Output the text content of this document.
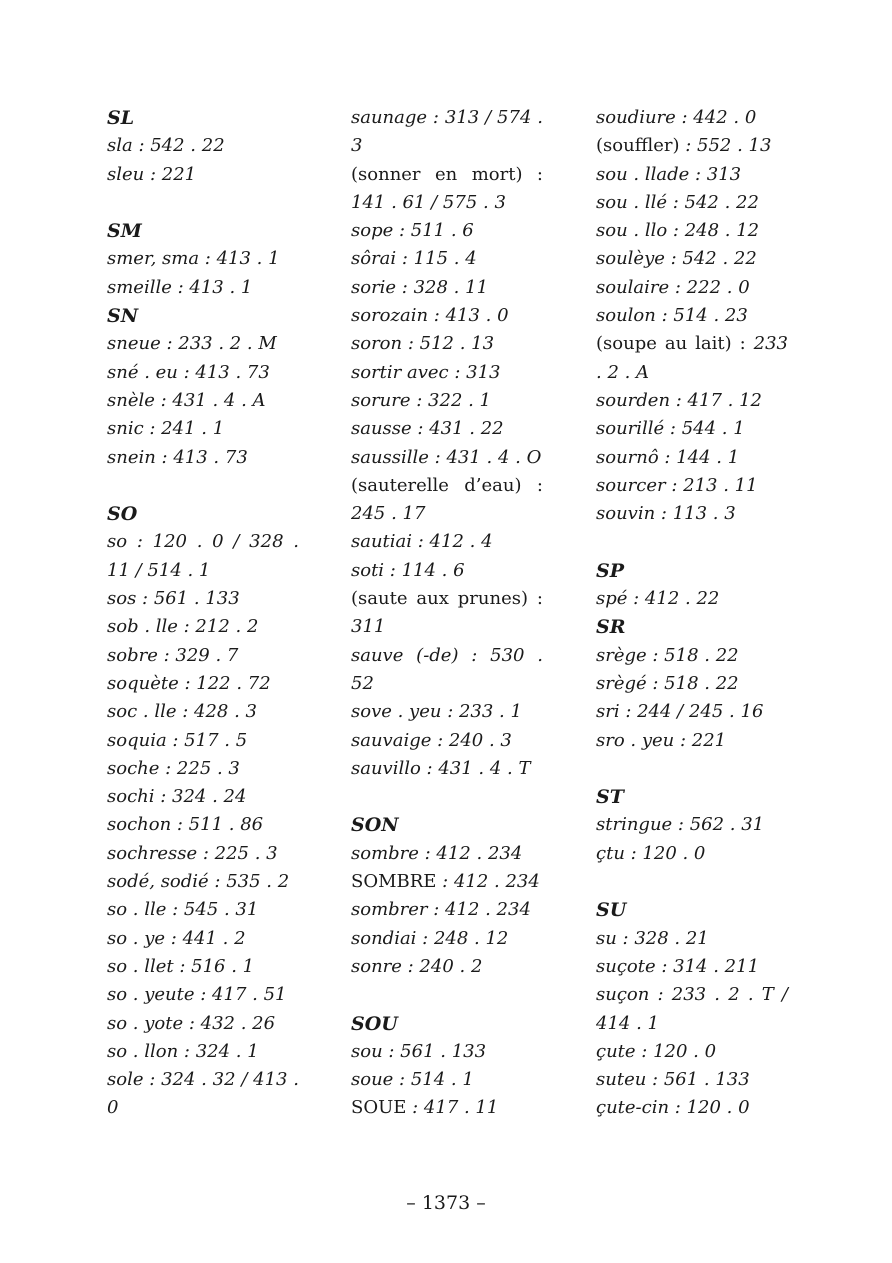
SL

sla : 542 . 22

sleu : 221

SM

smer, sma : 413 . 1

smeille : 413 . 1

SN

sneue : 233 . 2 . M

sné . eu : 413 . 73

snèle : 431 . 4 . A

snic : 241 . 1

snein : 413 . 73

SO

so : 120 . 0 / 328 . 11 / 514 . 1

sos : 561 . 133

sob . lle : 212 . 2

sobre : 329 . 7

soquète : 122 . 72

soc . lle : 428 . 3

soquia : 517 . 5

soche : 225 . 3

sochi : 324 . 24

sochon : 511 . 86

sochresse : 225 . 3

sodé, sodié : 535 . 2

so . lle : 545 . 31

so . ye : 441 . 2

so . llet : 516 . 1

so . yeute : 417 . 51

so . yote : 432 . 26

so . llon : 324 . 1

sole : 324 . 32 / 413 . 0

saunage : 313 / 574 . 3

(sonner en mort) : 141 . 61 / 575 . 3

sope : 511 . 6

sôrai : 115 . 4

sorie : 328 . 11

sorozain : 413 . 0

soron : 512 . 13

sortir avec : 313

sorure : 322 . 1

sausse : 431 . 22

saussille : 431 . 4 . O

(sauterelle d’eau) : 245 . 17

sautiai : 412 . 4

soti : 114 . 6

(saute aux prunes) : 311

sauve (-de) : 530 . 52

sove . yeu : 233 . 1

sauvaige : 240 . 3

sauvillo : 431 . 4 . T

SON

sombre : 412 . 234

SOMBRE : 412 . 234

sombrer : 412 . 234

sondiai : 248 . 12

sonre : 240 . 2

SOU

sou : 561 . 133

soue : 514 . 1

SOUE : 417 . 11

soudiure : 442 . 0

(souffler) : 552 . 13

sou . llade : 313

sou . llé : 542 . 22

sou . llo : 248 . 12

soulèye : 542 . 22

soulaire : 222 . 0

soulon : 514 . 23

(soupe au lait) : 233 . 2 . A

sourden : 417 . 12

sourillé : 544 . 1

sournô : 144 . 1

sourcer : 213 . 11

souvin : 113 . 3

SP

spé : 412 . 22

SR

srège : 518 . 22

srègé : 518 . 22

sri : 244 / 245 . 16

sro . yeu : 221

ST

stringue : 562 . 31

çtu : 120 . 0

SU

su : 328 . 21

suçote : 314 . 211

suçon : 233 . 2 . T / 414 . 1

çute : 120 . 0

suteu : 561 . 133

çute-cin : 120 . 0

– 1373 –
